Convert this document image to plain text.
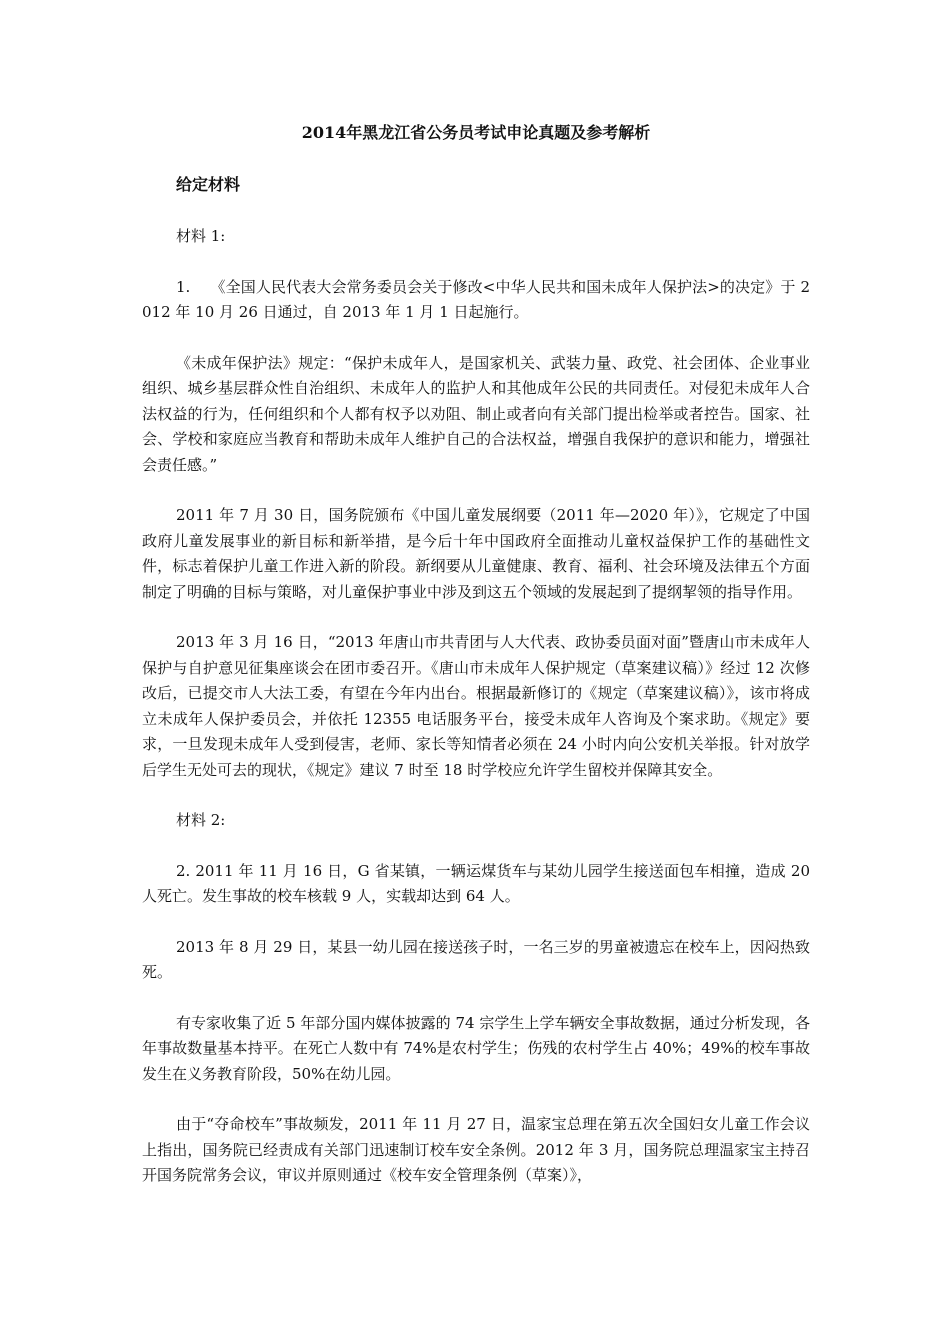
2014年黑龙江省公务员考试申论真题及参考解析
给定材料
材料 1:
1.　 《全国人民代表大会常务委员会关于修改<中华人民共和国未成年人保护法>的决定》于 2012 年 10 月 26 日通过，自 2013 年 1 月 1 日起施行。
《未成年保护法》规定：“保护未成年人，是国家机关、武装力量、政党、社会团体、企业事业组织、城乡基层群众性自治组织、未成年人的监护人和其他成年公民的共同责任。对侵犯未成年人合法权益的行为，任何组织和个人都有权予以劝阻、制止或者向有关部门提出检举或者控告。国家、社会、学校和家庭应当教育和帮助未成年人维护自己的合法权益，增强自我保护的意识和能力，增强社会责任感。”
2011 年 7 月 30 日，国务院颁布《中国儿童发展纲要（2011 年—2020 年）》，它规定了中国政府儿童发展事业的新目标和新举措，是今后十年中国政府全面推动儿童权益保护工作的基础性文件，标志着保护儿童工作进入新的阶段。新纲要从儿童健康、教育、福利、社会环境及法律五个方面制定了明确的目标与策略，对儿童保护事业中涉及到这五个领域的发展起到了提纲挈领的指导作用。
2013 年 3 月 16 日，“2013 年唐山市共青团与人大代表、政协委员面对面”暨唐山市未成年人保护与自护意见征集座谈会在团市委召开。《唐山市未成年人保护规定（草案建议稿）》经过 12 次修改后，已提交市人大法工委，有望在今年内出台。根据最新修订的《规定（草案建议稿）》，该市将成立未成年人保护委员会，并依托 12355 电话服务平台，接受未成年人咨询及个案求助。《规定》要求，一旦发现未成年人受到侵害，老师、家长等知情者必须在 24 小时内向公安机关举报。针对放学后学生无处可去的现状，《规定》建议 7 时至 18 时学校应允许学生留校并保障其安全。
材料 2:
2. 2011 年 11 月 16 日，G 省某镇，一辆运煤货车与某幼儿园学生接送面包车相撞，造成 20 人死亡。发生事故的校车核载 9 人，实载却达到 64 人。
2013 年 8 月 29 日，某县一幼儿园在接送孩子时，一名三岁的男童被遗忘在校车上，因闷热致死。
有专家收集了近 5 年部分国内媒体披露的 74 宗学生上学车辆安全事故数据，通过分析发现，各年事故数量基本持平。在死亡人数中有 74%是农村学生；伤残的农村学生占 40%；49%的校车事故发生在义务教育阶段，50%在幼儿园。
由于“夺命校车”事故频发，2011 年 11 月 27 日，温家宝总理在第五次全国妇女儿童工作会议上指出，国务院已经责成有关部门迅速制订校车安全条例。2012 年 3 月，国务院总理温家宝主持召开国务院常务会议，审议并原则通过《校车安全管理条例（草案）》，
